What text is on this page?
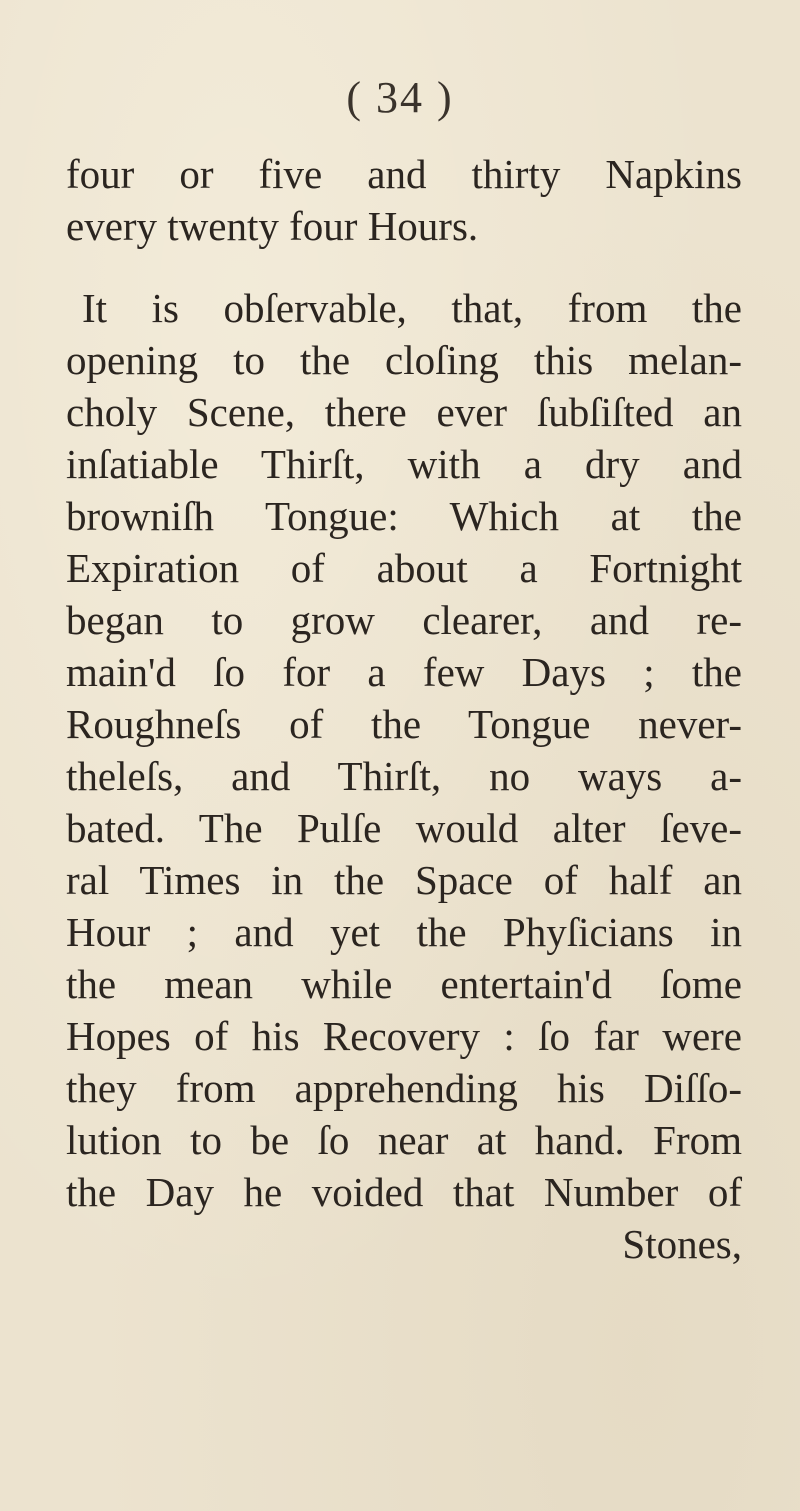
( 34 )
four or five and thirty Napkins
every twenty four Hours.
It is obſervable, that, from the
opening to the cloſing this melan-
choly Scene, there ever ſubſiſted an
inſatiable Thirſt, with a dry and
browniſh Tongue: Which at the
Expiration of about a Fortnight
began to grow clearer, and re-
main'd ſo for a few Days ; the
Roughneſs of the Tongue never-
theleſs, and Thirſt, no ways a-
bated. The Pulſe would alter ſeve-
ral Times in the Space of half an
Hour ; and yet the Phyſicians in
the mean while entertain'd ſome
Hopes of his Recovery : ſo far were
they from apprehending his Diſſo-
lution to be ſo near at hand. From
the Day he voided that Number of
Stones,
